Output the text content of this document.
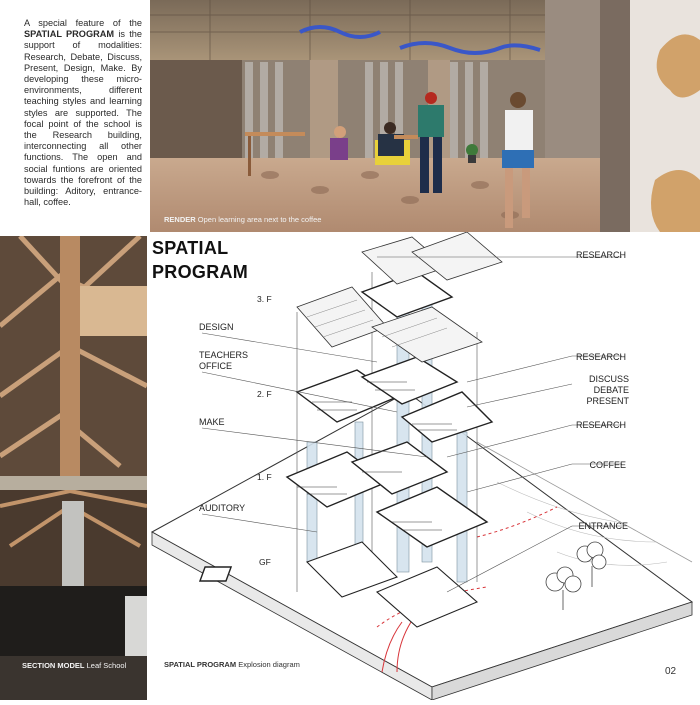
A special feature of the SPATIAL PROGRAM is the support of modalities: Research, Debate, Discuss, Present, Design, Make. By developing these micro-environments, different teaching styles and learning styles are supported. The focal point of the school is the Research building, interconnecting all other functions. The open and social funtions are oriented towards the forefront of the building: Aditory, entrance-hall, coffee.
RENDER Open learning area next to the coffee
SECTION MODEL Leaf School
3. F
2. F
1. F
GF
DESIGN
TEACHERS
OFFICE
MAKE
AUDITORY
RESEARCH
RESEARCH
DISCUSS
DEBATE
PRESENT
RESEARCH
COFFEE
ENTRANCE
SPATIAL
PROGRAM
SPATIAL PROGRAM Explosion diagram
02
